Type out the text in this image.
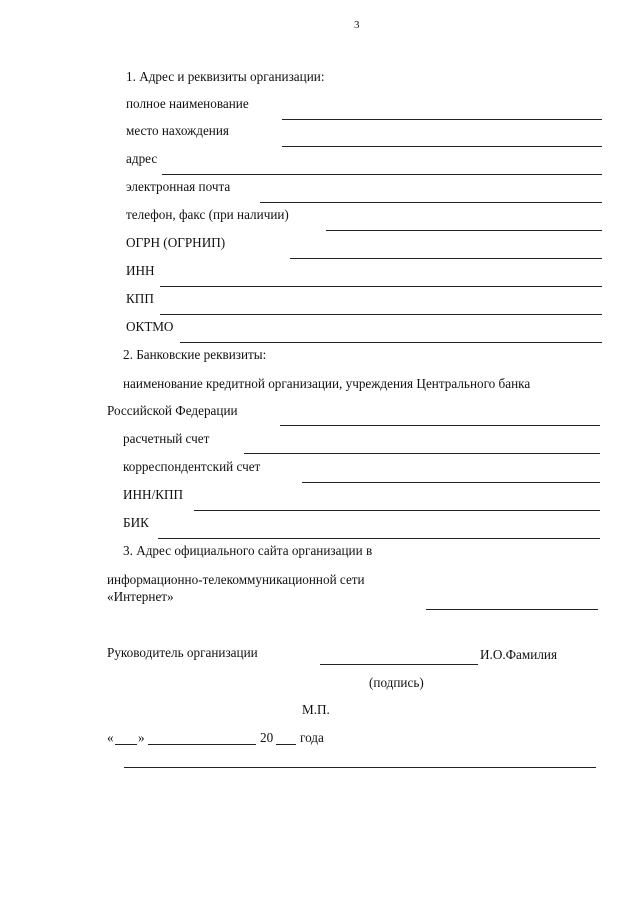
3
1. Адрес и реквизиты организации:
полное наименование
место нахождения
адрес
электронная почта
телефон, факс (при наличии)
ОГРН (ОГРНИП)
ИНН
КПП
ОКТМО
2. Банковские реквизиты:
наименование кредитной организации, учреждения Центрального банка
Российской Федерации
расчетный счет
корреспондентский счет
ИНН/КПП
БИК
3. Адрес официального сайта организации в
информационно-телекоммуникационной сети
«Интернет»
Руководитель организации	И.О.Фамилия
(подпись)
М.П.
« »	20 года
